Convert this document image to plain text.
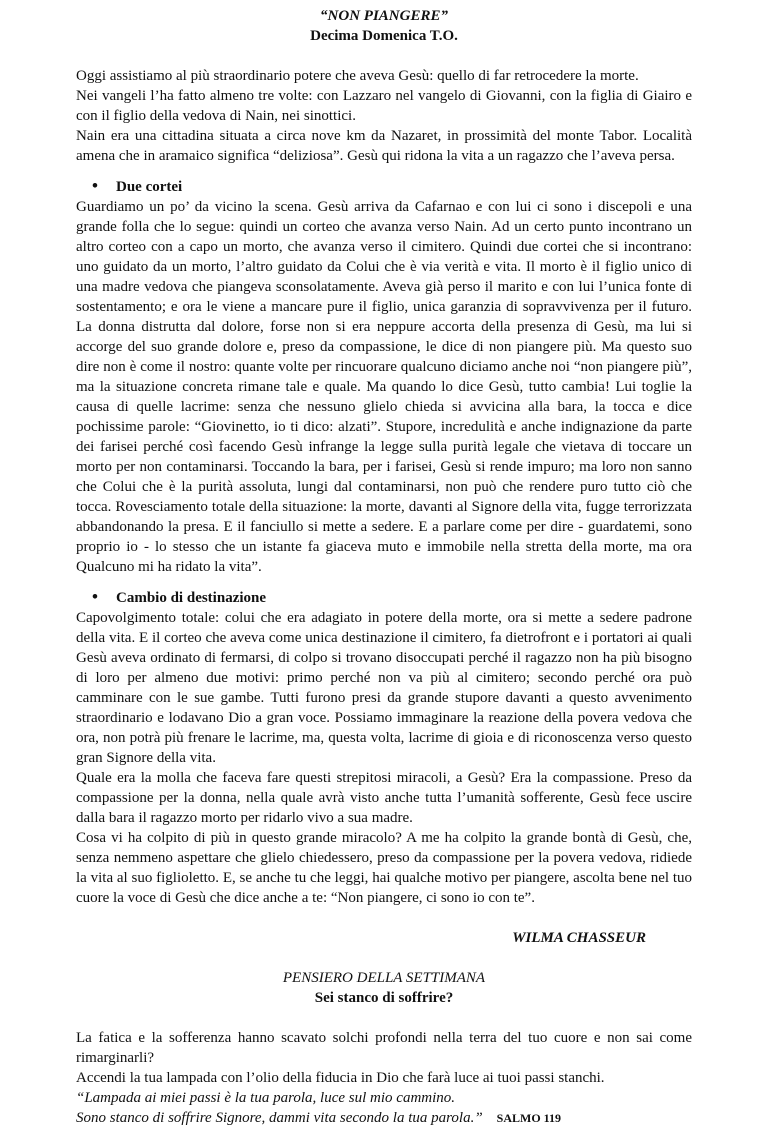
“NON PIANGERE”
Decima Domenica T.O.

Oggi assistiamo al più straordinario potere che aveva Gesù: quello di far retrocedere la morte.

Nei vangeli l’ha fatto almeno tre volte: con Lazzaro nel vangelo di Giovanni, con la figlia di Giairo e con il figlio della vedova di Nain, nei sinottici.

Nain era una cittadina situata a circa nove km da Nazaret, in prossimità del monte Tabor. Località amena che in aramaico significa “deliziosa”. Gesù qui ridona la vita a un ragazzo che l’aveva persa.

•	Due cortei

Guardiamo un po’ da vicino la scena. Gesù arriva da Cafarnao e con lui ci sono i discepoli e una grande folla che lo segue: quindi un corteo che avanza verso Nain. Ad un certo punto incontrano un altro corteo con a capo un morto, che avanza verso il cimitero. Quindi due cortei che si incontrano: uno guidato da un morto, l’altro guidato da Colui che è via verità e vita. Il morto è il figlio unico di una madre vedova che piangeva sconsolatamente. Aveva già perso il marito e con lui l’unica fonte di sostentamento; e ora le viene a mancare pure il figlio, unica garanzia di sopravvivenza per il futuro. La donna distrutta dal dolore, forse non si era neppure accorta della presenza di Gesù, ma lui si accorge del suo grande dolore e, preso da compassione, le dice di non piangere più. Ma questo suo dire non è come il nostro: quante volte per rincuorare qualcuno diciamo anche noi “non piangere più”, ma la situazione concreta rimane tale e quale. Ma quando lo dice Gesù, tutto cambia! Lui toglie la causa di quelle lacrime: senza che nessuno glielo chieda si avvicina alla bara, la tocca e dice pochissime parole: “Giovinetto, io ti dico: alzati”. Stupore, incredulità e anche indignazione da parte dei farisei perché così facendo Gesù infrange la legge sulla purità legale che vietava di toccare un morto per non contaminarsi. Toccando la bara, per i farisei, Gesù si rende impuro; ma loro non sanno che Colui che è la purità assoluta, lungi dal contaminarsi, non può che rendere puro tutto ciò che tocca. Rovesciamento totale della situazione: la morte, davanti al Signore della vita, fugge terrorizzata abbandonando la presa. E il fanciullo si mette a sedere. E a parlare come per dire - guardatemi, sono proprio io - lo stesso che un istante fa giaceva muto e immobile nella stretta della morte, ma ora Qualcuno mi ha ridato la vita”.

•	Cambio di destinazione

Capovolgimento totale: colui che era adagiato in potere della morte, ora si mette a sedere padrone della vita. E il corteo che aveva come unica destinazione il cimitero, fa dietrofront e i portatori ai quali Gesù aveva ordinato di fermarsi, di colpo si trovano disoccupati perché il ragazzo non ha più bisogno di loro per almeno due motivi: primo perché non va più al cimitero; secondo perché ora può camminare con le sue gambe. Tutti furono presi da grande stupore davanti a questo avvenimento straordinario e lodavano Dio a gran voce. Possiamo immaginare la reazione della povera vedova che ora, non potrà più frenare le lacrime, ma, questa volta, lacrime di gioia e di riconoscenza verso questo gran Signore della vita.

Quale era la molla che faceva fare questi strepitosi miracoli, a Gesù? Era la compassione. Preso da compassione per la donna, nella quale avrà visto anche tutta l’umanità sofferente, Gesù fece uscire dalla bara il ragazzo morto per ridarlo vivo a sua madre.

Cosa vi ha colpito di più in questo grande miracolo? A me ha colpito la grande bontà di Gesù, che, senza nemmeno aspettare che glielo chiedessero, preso da compassione per la povera vedova, ridiede la vita al suo figlioletto. E, se anche tu che leggi, hai qualche motivo per piangere, ascolta bene nel tuo cuore la voce di Gesù che dice anche a te: “Non piangere, ci sono io con te”.

WILMA CHASSEUR
PENSIERO DELLA SETTIMANA
Sei stanco di soffrire?

La fatica e la sofferenza hanno scavato solchi profondi nella terra del tuo cuore e non sai come rimarginarli?

Accendi la tua lampada con l’olio della fiducia in Dio che farà luce ai tuoi passi stanchi.

“Lampada ai miei passi è la tua parola, luce sul mio cammino.
Sono stanco di soffrire Signore, dammi vita secondo la tua parola.” SALMO 119
